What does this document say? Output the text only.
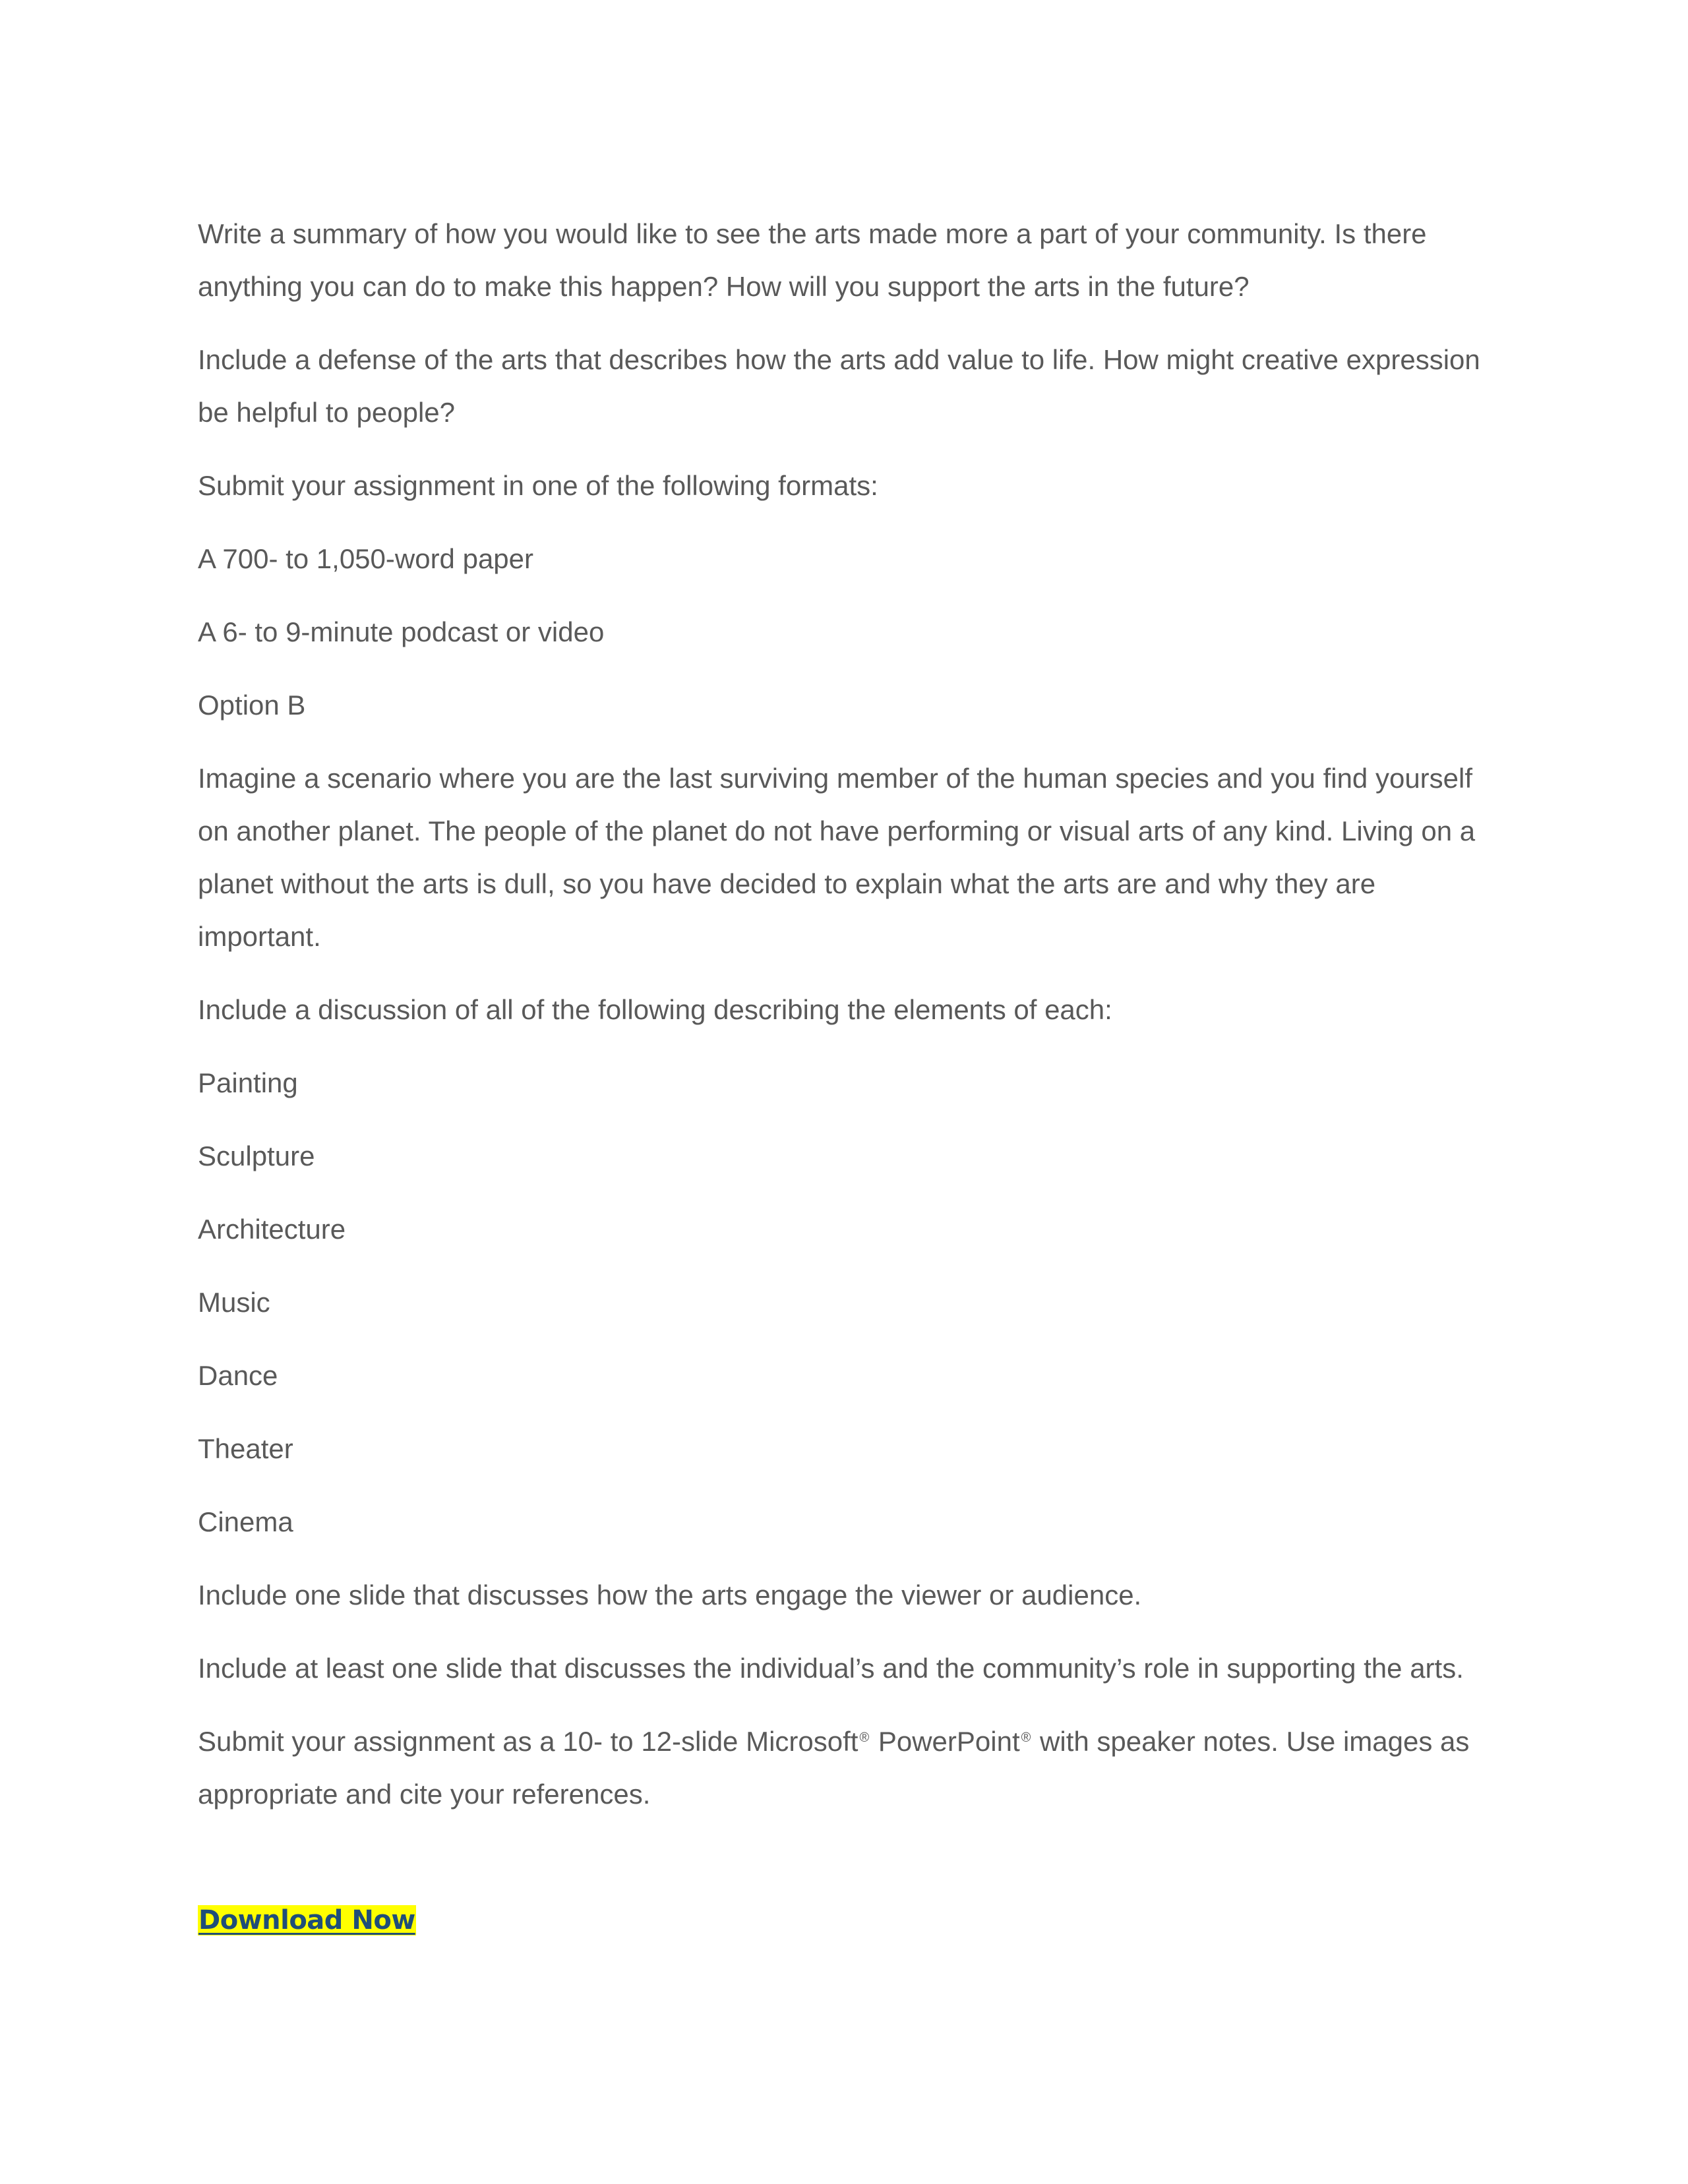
Write a summary of how you would like to see the arts made more a part of your community. Is there anything you can do to make this happen? How will you support the arts in the future?

Include a defense of the arts that describes how the arts add value to life. How might creative expression be helpful to people?

Submit your assignment in one of the following formats:

A 700- to 1,050-word paper

A 6- to 9-minute podcast or video

Option B

Imagine a scenario where you are the last surviving member of the human species and you find yourself on another planet. The people of the planet do not have performing or visual arts of any kind. Living on a planet without the arts is dull, so you have decided to explain what the arts are and why they are important.

Include a discussion of all of the following describing the elements of each:

Painting

Sculpture

Architecture

Music

Dance

Theater

Cinema

Include one slide that discusses how the arts engage the viewer or audience.

Include at least one slide that discusses the individual’s and the community’s role in supporting the arts.

Submit your assignment as a 10- to 12-slide Microsoft ® PowerPoint ® with speaker notes. Use images as appropriate and cite your references.

Download Now
